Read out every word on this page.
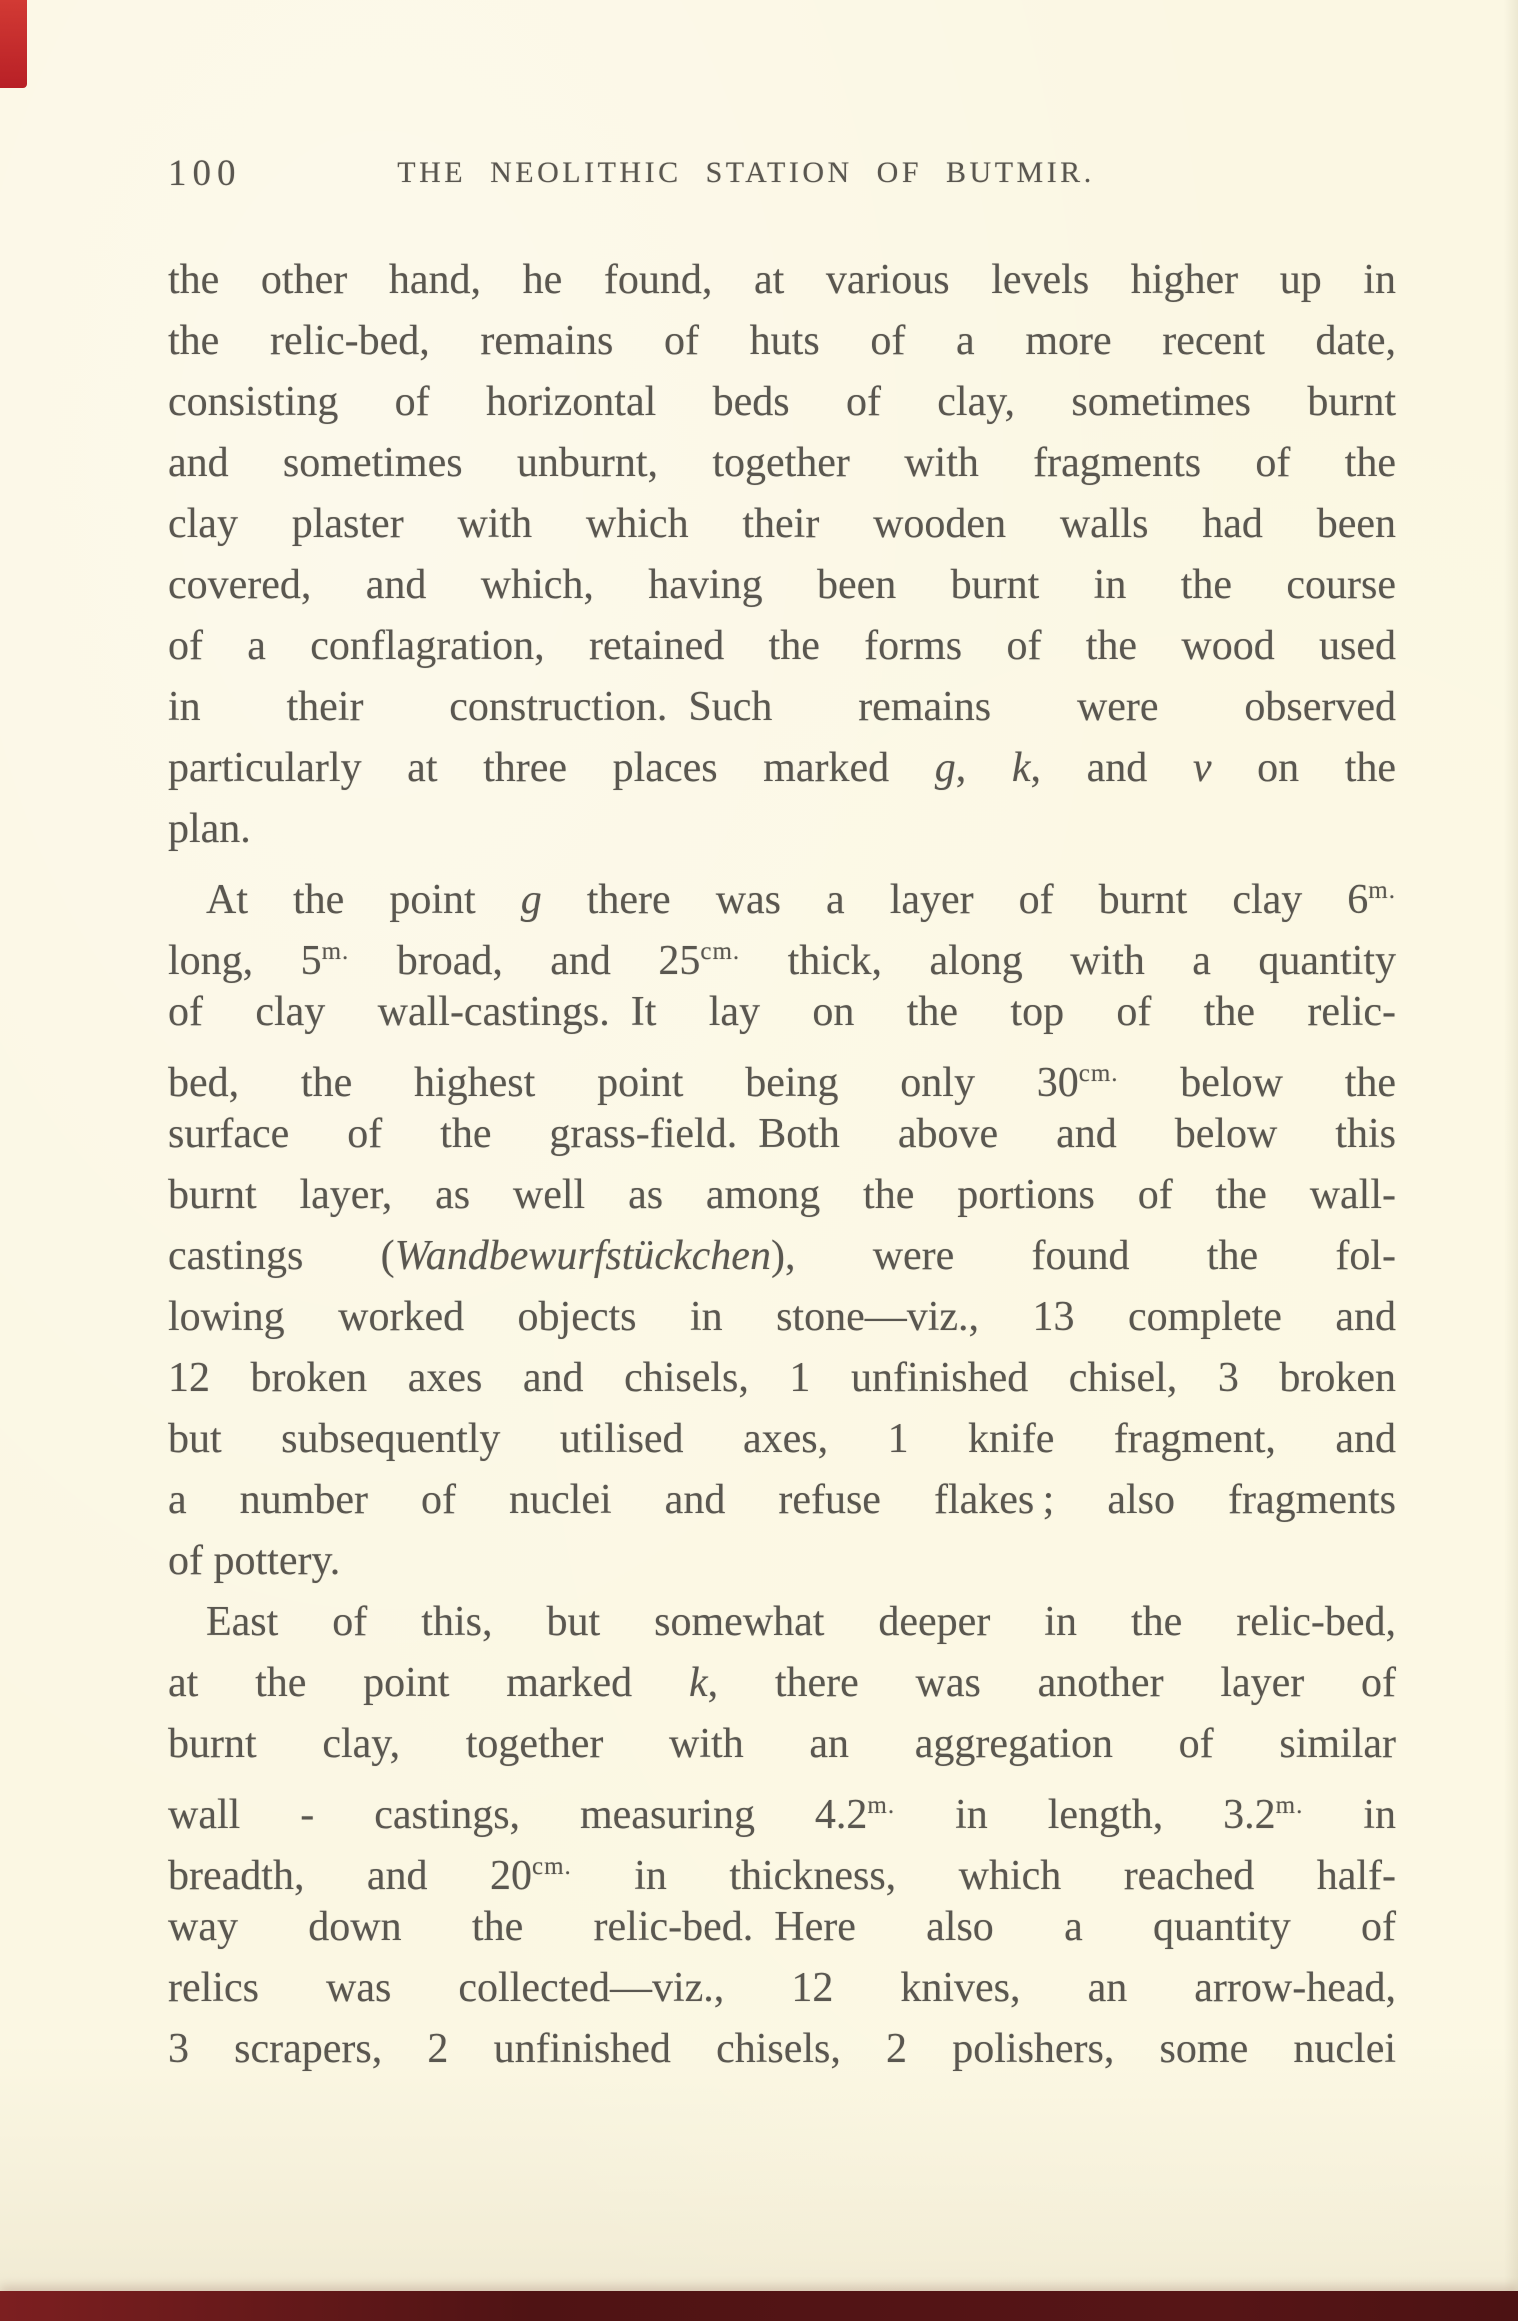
100	THE NEOLITHIC STATION OF BUTMIR.
the other hand, he found, at various levels higher up in
the relic-bed, remains of huts of a more recent date,
consisting of horizontal beds of clay, sometimes burnt
and sometimes unburnt, together with fragments of the
clay plaster with which their wooden walls had been
covered, and which, having been burnt in the course
of a conflagration, retained the forms of the wood used
in their construction. Such remains were observed
particularly at three places marked g, k, and v on the
plan.
At the point g there was a layer of burnt clay $6^{m.}$
long, $5^{m.}$ broad, and $25^{cm.}$ thick, along with a quantity
of clay wall-castings. It lay on the top of the relic-
bed, the highest point being only $30^{cm.}$ below the
surface of the grass-field. Both above and below this
burnt layer, as well as among the portions of the wall-
castings (Wandbewurfstückchen), were found the fol-
lowing worked objects in stone—viz., 13 complete and
12 broken axes and chisels, 1 unfinished chisel, 3 broken
but subsequently utilised axes, 1 knife fragment, and
a number of nuclei and refuse flakes ; also fragments
of pottery.
East of this, but somewhat deeper in the relic-bed,
at the point marked k, there was another layer of
burnt clay, together with an aggregation of similar
wall - castings, measuring $4.2^{m.}$ in length, $3.2^{m.}$ in
breadth, and $20^{cm.}$ in thickness, which reached half-
way down the relic-bed. Here also a quantity of
relics was collected—viz., 12 knives, an arrow-head,
3 scrapers, 2 unfinished chisels, 2 polishers, some nuclei
